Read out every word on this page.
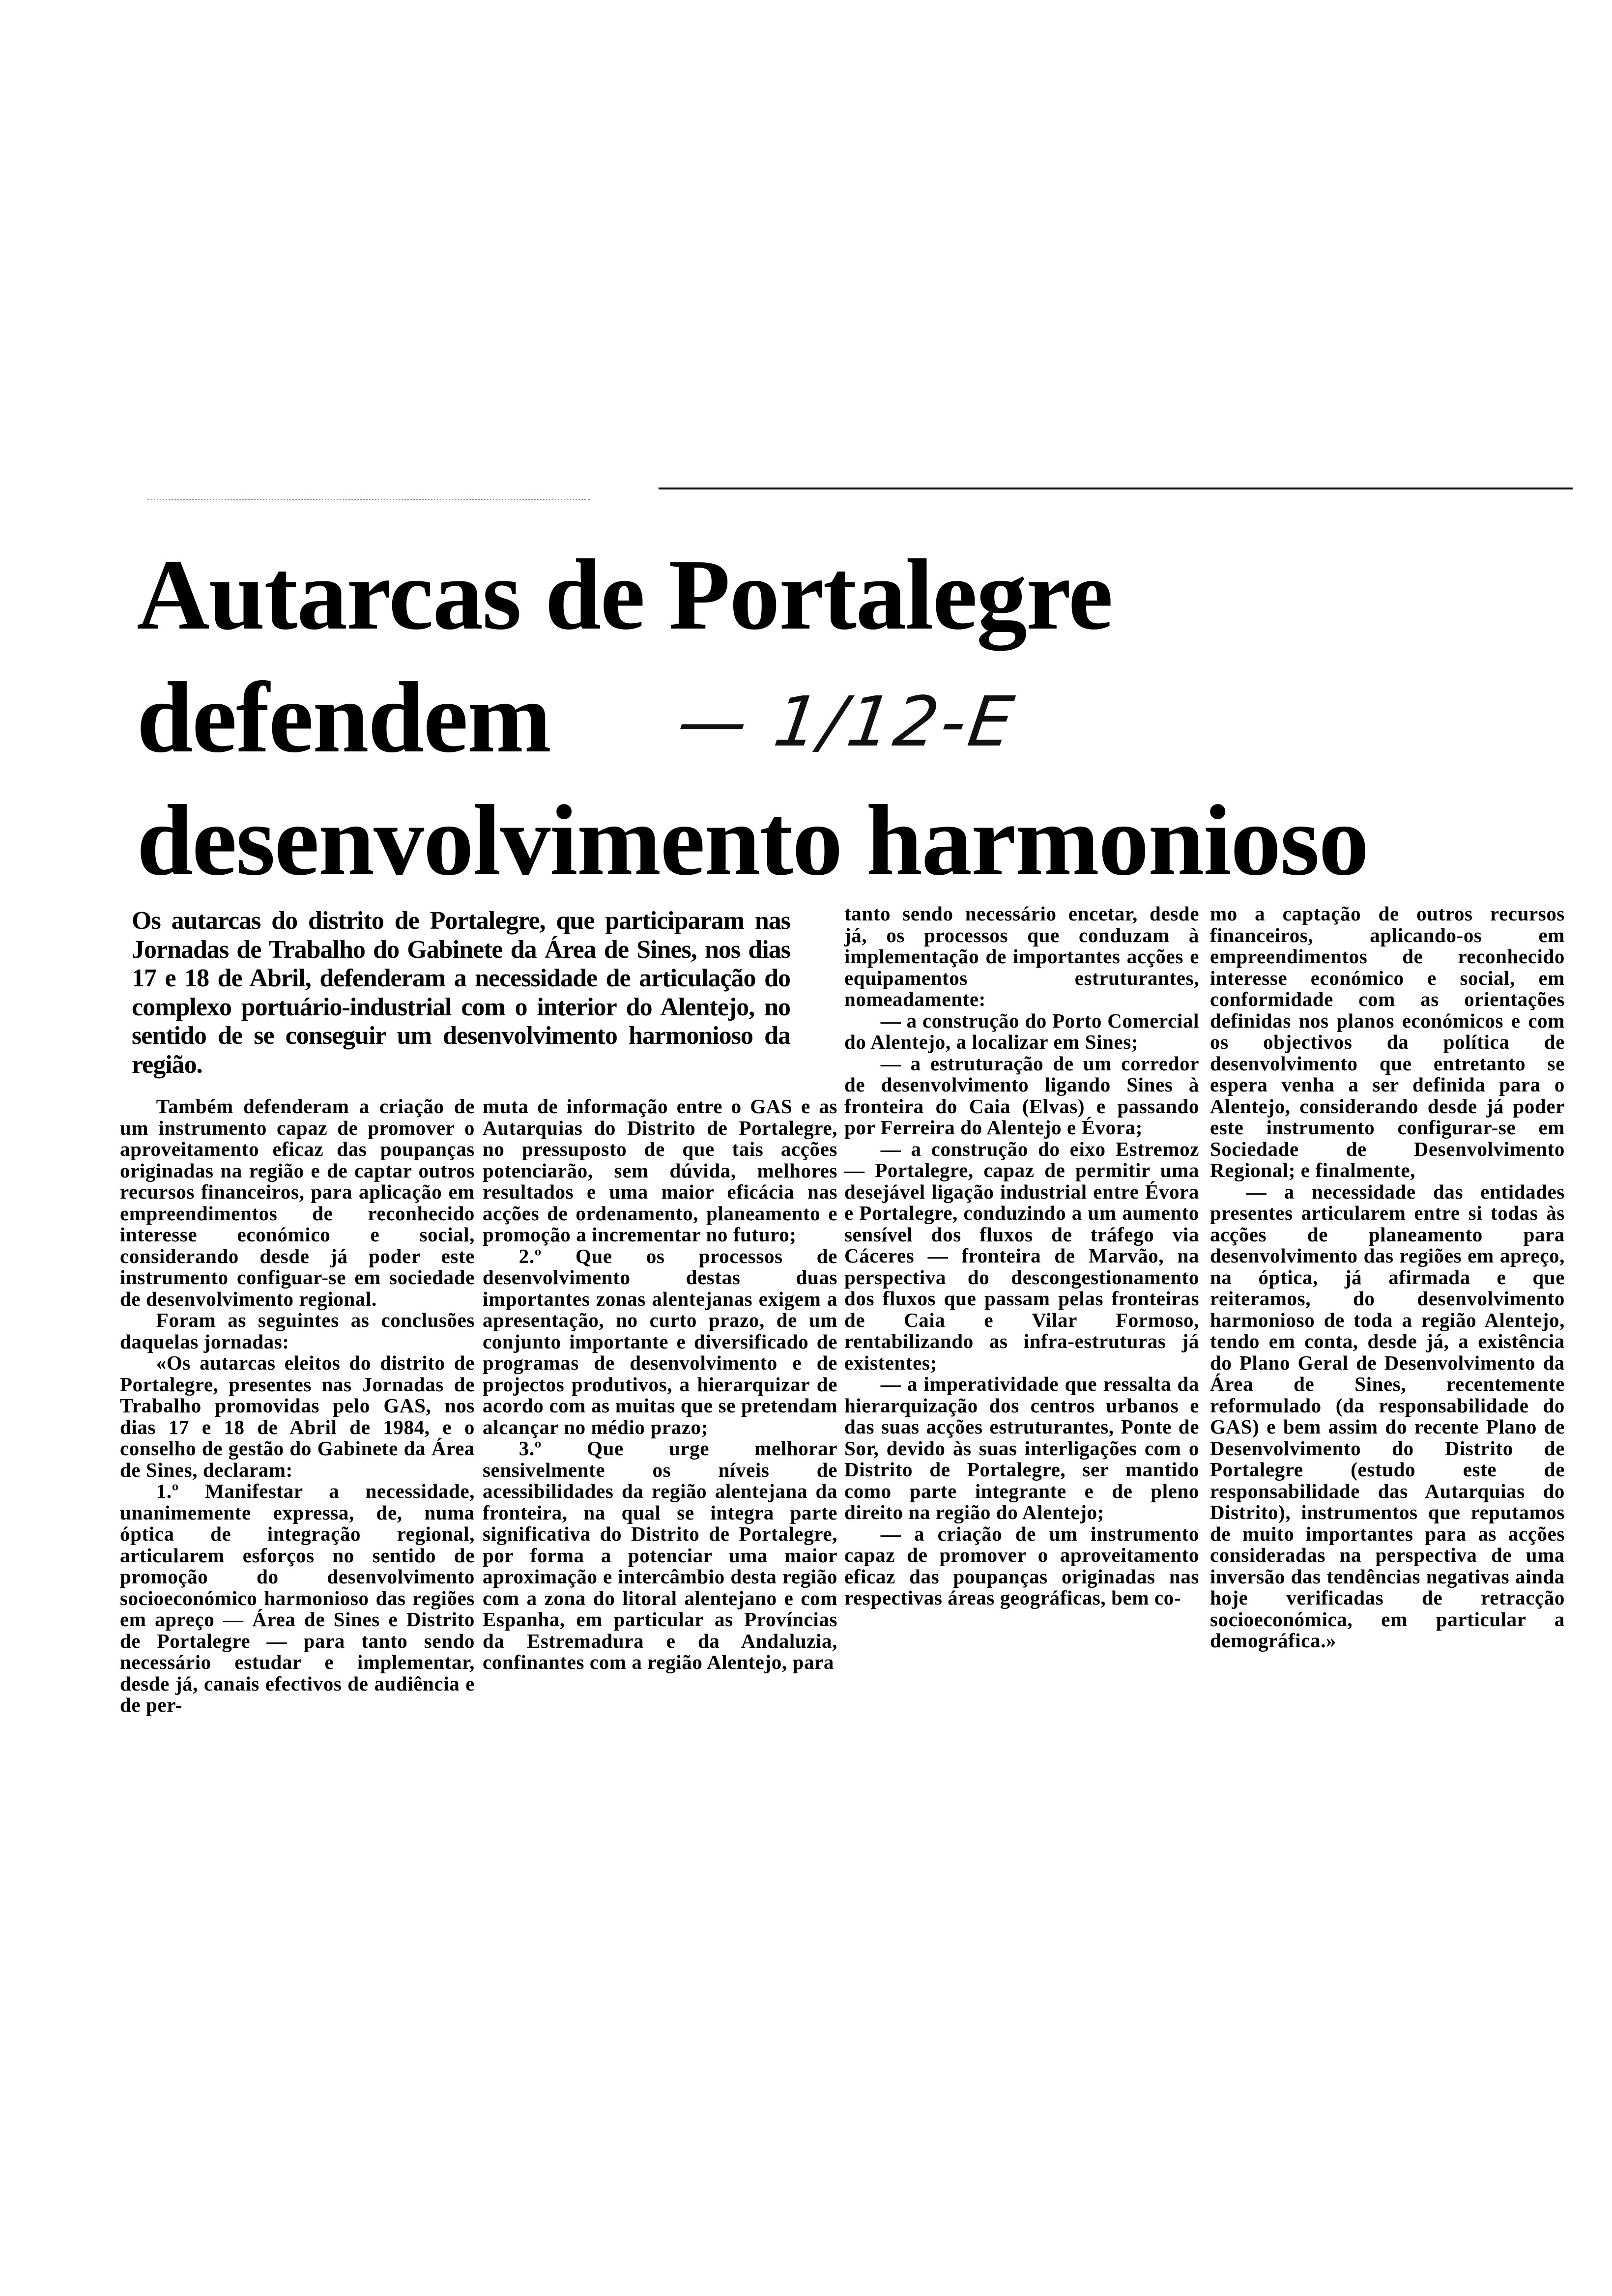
Autarcas de Portalegre
defendem
desenvolvimento harmonioso
— 1/12-E

Os autarcas do distrito de Portalegre, que participaram nas Jornadas de Trabalho do Gabinete da Área de Sines, nos dias 17 e 18 de Abril, defenderam a necessidade de articulação do complexo portuário-industrial com o interior do Alentejo, no sentido de se conseguir um desenvolvimento harmonioso da região.

Também defenderam a criação de um instrumento capaz de promover o aproveitamento eficaz das poupanças originadas na região e de captar outros recursos financeiros, para aplicação em empreendimentos de reconhecido interesse económico e social, considerando desde já poder este instrumento configuar-se em sociedade de desenvolvimento regional.

Foram as seguintes as conclusões daquelas jornadas:

«Os autarcas eleitos do distrito de Portalegre, presentes nas Jornadas de Trabalho promovidas pelo GAS, nos dias 17 e 18 de Abril de 1984, e o conselho de gestão do Gabinete da Área de Sines, declaram:

1.º Manifestar a necessidade, unanimemente expressa, de, numa óptica de integração regional, articularem esforços no sentido de promoção do desenvolvimento socioeconómico harmonioso das regiões em apreço — Área de Sines e Distrito de Portalegre — para tanto sendo necessário estudar e implementar, desde já, canais efectivos de audiência e de per-

muta de informação entre o GAS e as Autarquias do Distrito de Portalegre, no pressuposto de que tais acções potenciarão, sem dúvida, melhores resultados e uma maior eficácia nas acções de ordenamento, planeamento e promoção a incrementar no futuro;

2.º Que os processos de desenvolvimento destas duas importantes zonas alentejanas exigem a apresentação, no curto prazo, de um conjunto importante e diversificado de programas de desenvolvimento e de projectos produtivos, a hierarquizar de acordo com as muitas que se pretendam alcançar no médio prazo;

3.º Que urge melhorar sensivelmente os níveis de acessibilidades da região alentejana da fronteira, na qual se integra parte significativa do Distrito de Portalegre, por forma a potenciar uma maior aproximação e intercâmbio desta região com a zona do litoral alentejano e com Espanha, em particular as Províncias da Estremadura e da Andaluzia, confinantes com a região Alentejo, para

tanto sendo necessário encetar, desde já, os processos que conduzam à implementação de importantes acções e equipamentos estruturantes, nomeadamente:

— a construção do Porto Comercial do Alentejo, a localizar em Sines;

— a estruturação de um corredor de desenvolvimento ligando Sines à fronteira do Caia (Elvas) e passando por Ferreira do Alentejo e Évora;

— a construção do eixo Estremoz — Portalegre, capaz de permitir uma desejável ligação industrial entre Évora e Portalegre, conduzindo a um aumento sensível dos fluxos de tráfego via Cáceres — fronteira de Marvão, na perspectiva do descongestionamento dos fluxos que passam pelas fronteiras de Caia e Vilar Formoso, rentabilizando as infra-estruturas já existentes;

— a imperatividade que ressalta da hierarquização dos centros urbanos e das suas acções estruturantes, Ponte de Sor, devido às suas interligações com o Distrito de Portalegre, ser mantido como parte integrante e de pleno direito na região do Alentejo;

— a criação de um instrumento capaz de promover o aproveitamento eficaz das poupanças originadas nas respectivas áreas geográficas, bem co-

mo a captação de outros recursos financeiros, aplicando-os em empreendimentos de reconhecido interesse económico e social, em conformidade com as orientações definidas nos planos económicos e com os objectivos da política de desenvolvimento que entretanto se espera venha a ser definida para o Alentejo, considerando desde já poder este instrumento configurar-se em Sociedade de Desenvolvimento Regional; e finalmente,

— a necessidade das entidades presentes articularem entre si todas às acções de planeamento para desenvolvimento das regiões em apreço, na óptica, já afirmada e que reiteramos, do desenvolvimento harmonioso de toda a região Alentejo, tendo em conta, desde já, a existência do Plano Geral de Desenvolvimento da Área de Sines, recentemente reformulado (da responsabilidade do GAS) e bem assim do recente Plano de Desenvolvimento do Distrito de Portalegre (estudo este de responsabilidade das Autarquias do Distrito), instrumentos que reputamos de muito importantes para as acções consideradas na perspectiva de uma inversão das tendências negativas ainda hoje verificadas de retracção socioeconómica, em particular a demográfica.»
